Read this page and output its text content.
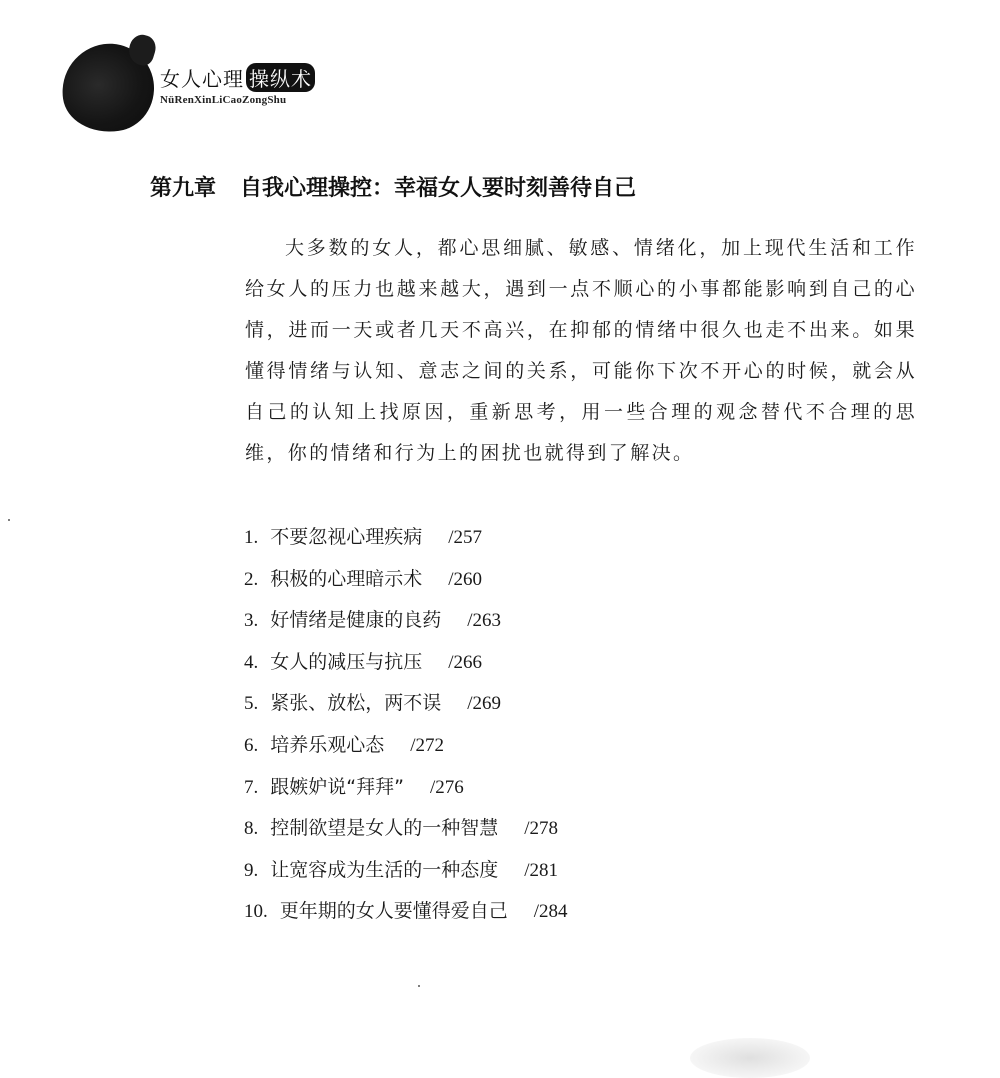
女人心理 操纵术
NüRenXinLiCaoZongShu
第九章 自我心理操控：幸福女人要时刻善待自己

大多数的女人，都心思细腻、敏感、情绪化，加上现代生活和工作给女人的压力也越来越大，遇到一点不顺心的小事都能影响到自己的心情，进而一天或者几天不高兴，在抑郁的情绪中很久也走不出来。如果懂得情绪与认知、意志之间的关系，可能你下次不开心的时候，就会从自己的认知上找原因，重新思考，用一些合理的观念替代不合理的思维，你的情绪和行为上的困扰也就得到了解决。

1. 不要忽视心理疾病 /257
2. 积极的心理暗示术 /260
3. 好情绪是健康的良药 /263
4. 女人的减压与抗压 /266
5. 紧张、放松，两不误 /269
6. 培养乐观心态 /272
7. 跟嫉妒说“拜拜” /276
8. 控制欲望是女人的一种智慧 /278
9. 让宽容成为生活的一种态度 /281
10. 更年期的女人要懂得爱自己 /284
